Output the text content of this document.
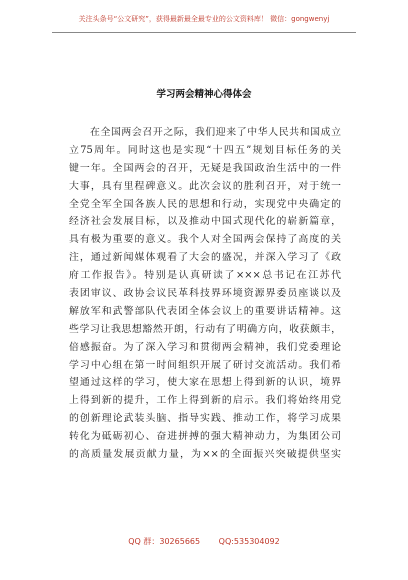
关注头条号“公文研究”，获得最新最全最专业的公文资料库！ 微信：gongwenyj
学习两会精神心得体会
　　在全国两会召开之际，我们迎来了中华人民共和国成立
立75周年。同时这也是实现“十四五”规划目标任务的关
键一年。全国两会的召开，无疑是我国政治生活中的一件
大事，具有里程碑意义。此次会议的胜利召开，对于统一
全党全军全国各族人民的思想和行动，实现党中央确定的
经济社会发展目标，以及推动中国式现代化的崭新篇章，
具有极为重要的意义。我个人对全国两会保持了高度的关
注，通过新闻媒体观看了大会的盛况，并深入学习了《政
府工作报告》。特别是认真研读了×××总书记在江苏代
表团审议、政协会议民革科技界环境资源界委员座谈以及
解放军和武警部队代表团全体会议上的重要讲话精神。这
些学习让我思想豁然开朗，行动有了明确方向，收获颇丰，
倍感振奋。为了深入学习和贯彻两会精神，我们党委理论
学习中心组在第一时间组织开展了研讨交流活动。我们希
望通过这样的学习，使大家在思想上得到新的认识，境界
上得到新的提升，工作上得到新的启示。我们将始终用党
的创新理论武装头脑、指导实践、推动工作，将学习成果
转化为砥砺初心、奋进拼搏的强大精神动力，为集团公司
的高质量发展贡献力量，为××的全面振兴突破提供坚实
QQ 群：30265665 QQ:535304092
